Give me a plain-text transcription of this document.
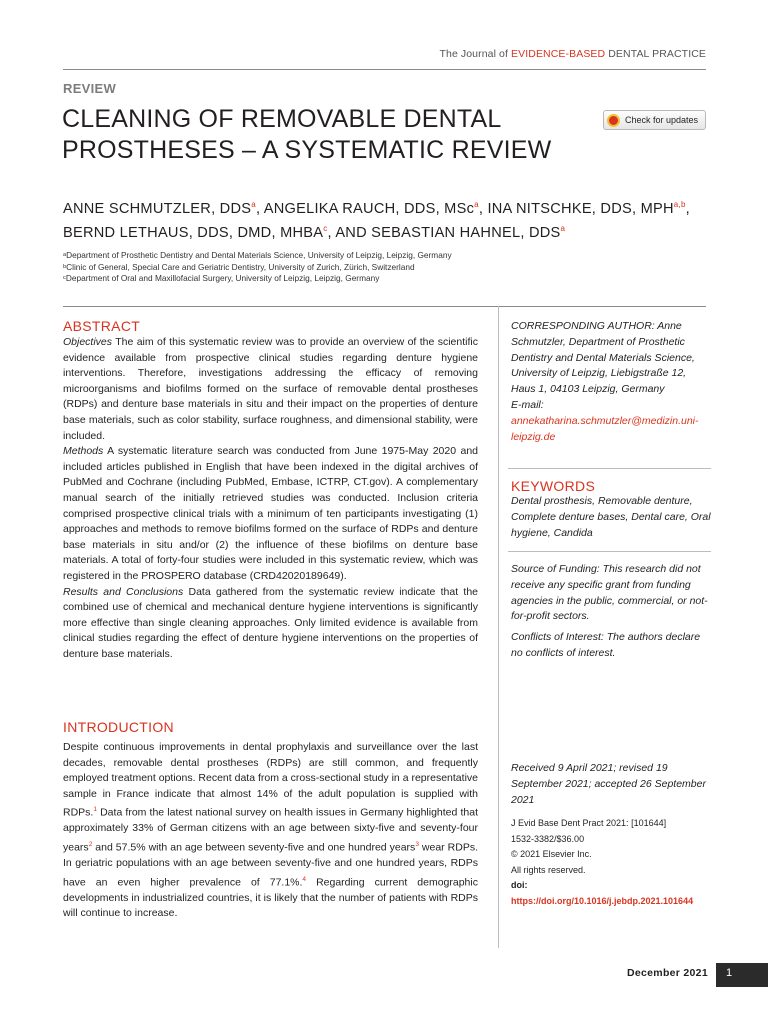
The Journal of EVIDENCE-BASED DENTAL PRACTICE
REVIEW
CLEANING OF REMOVABLE DENTAL
PROSTHESES – A SYSTEMATIC REVIEW
Check for updates
ANNE SCHMUTZLER, DDS$^a$, ANGELIKA RAUCH, DDS, MSc$^a$, INA NITSCHKE, DDS, MPH$^{a,b}$,
BERND LETHAUS, DDS, DMD, MHBA$^c$, AND SEBASTIAN HAHNEL, DDS$^a$
ᵃDepartment of Prosthetic Dentistry and Dental Materials Science, University of Leipzig, Leipzig, Germany
ᵇClinic of General, Special Care and Geriatric Dentistry, University of Zurich, Zürich, Switzerland
ᶜDepartment of Oral and Maxillofacial Surgery, University of Leipzig, Leipzig, Germany
ABSTRACT

Objectives The aim of this systematic review was to provide an overview of the scientific evidence available from prospective clinical studies regarding denture hygiene interventions. Therefore, investigations addressing the efficacy of removing microorganisms and biofilms formed on the surface of removable dental prostheses (RDPs) and denture base materials in situ and their impact on the properties of denture base materials, such as color stability, surface roughness, and dimensional stability, were included.

Methods A systematic literature search was conducted from June 1975-May 2020 and included articles published in English that have been indexed in the digital archives of PubMed and Cochrane (including PubMed, Embase, ICTRP, CT.gov). A complementary manual search of the initially retrieved studies was conducted. Inclusion criteria comprised prospective clinical trials with a minimum of ten participants investigating (1) approaches and methods to remove biofilms formed on the surface of RDPs and denture base materials in situ and/or (2) the influence of these biofilms on denture base materials. A total of forty-four studies were included in this systematic review, which was registered in the PROSPERO database (CRD42020189649).

Results and Conclusions Data gathered from the systematic review indicate that the combined use of chemical and mechanical denture hygiene interventions is significantly more effective than single cleaning approaches. Only limited evidence is available from clinical studies regarding the effect of denture hygiene interventions on the properties of denture base materials.

INTRODUCTION
Despite continuous improvements in dental prophylaxis and surveillance over the last decades, removable dental prostheses (RDPs) are still common, and frequently employed treatment options. Recent data from a cross-sectional study in a representative sample in France indicate that almost 14% of the adult population is supplied with RDPs.$^1$ Data from the latest national survey on health issues in Germany highlighted that approximately 33% of German citizens with an age between sixty-five and seventy-four years$^2$ and 57.5% with an age between seventy-five and one hundred years$^3$ wear RDPs. In geriatric populations with an age between seventy-five and one hundred years, RDPs have an even higher prevalence of 77.1%.$^4$ Regarding current demographic developments in industrialized countries, it is likely that the number of patients with RDPs will continue to increase.
CORRESPONDING AUTHOR: Anne Schmutzler, Department of Prosthetic Dentistry and Dental Materials Science, University of Leipzig, Liebigstraße 12, Haus 1, 04103 Leipzig, Germany
E-mail:
annekatharina.schmutzler@medizin.uni-leipzig.de
KEYWORDS
Dental prosthesis, Removable denture, Complete denture bases, Dental care, Oral hygiene, Candida
Source of Funding: This research did not receive any specific grant from funding agencies in the public, commercial, or not-for-profit sectors.
Conflicts of Interest: The authors declare no conflicts of interest.
Received 9 April 2021; revised 19 September 2021; accepted 26 September 2021
J Evid Base Dent Pract 2021: [101644]
1532-3382/$36.00
© 2021 Elsevier Inc.
All rights reserved.
doi: https://doi.org/10.1016/j.jebdp.2021.101644
December 2021 1
